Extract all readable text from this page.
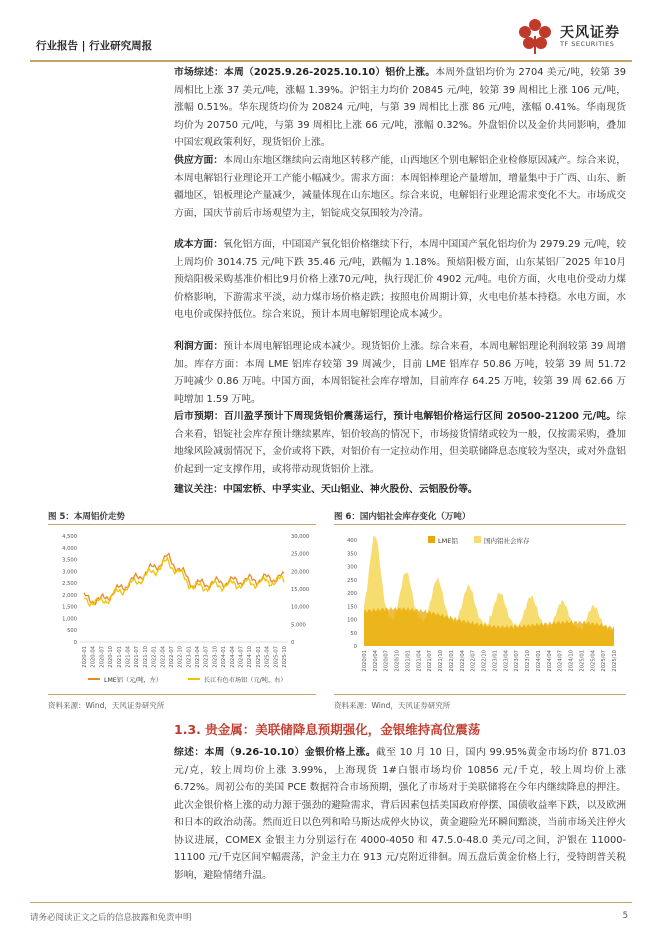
行业报告 | 行业研究周报
天风证券
TF SECURITIES

市场综述：本周（2025.9.26-2025.10.10）铝价上涨。本周外盘铝均价为 2704 美元/吨，较第 39 周相比上涨 37 美元/吨，涨幅 1.39%。沪铝主力均价 20845 元/吨，较第 39 周相比上涨 106 元/吨，涨幅 0.51%。华东现货均价为 20824 元/吨，与第 39 周相比上涨 86 元/吨，涨幅 0.41%。华南现货均价为 20750 元/吨，与第 39 周相比上涨 66 元/吨，涨幅 0.32%。外盘铝价以及金价共同影响，叠加中国宏观政策利好，现货铝价上涨。

供应方面：本周山东地区继续向云南地区转移产能，山西地区个别电解铝企业检修原因减产。综合来说，本周电解铝行业理论开工产能小幅减少。需求方面：本周铝棒理论产量增加，增量集中于广西、山东、新疆地区，铝板理论产量减少，减量体现在山东地区。综合来说，电解铝行业理论需求变化不大。市场成交方面，国庆节前后市场观望为主，铝锭成交氛围较为冷清。

成本方面：氧化铝方面，中国国产氧化铝价格继续下行，本周中国国产氧化铝均价为 2979.29 元/吨，较上周均价 3014.75 元/吨下跌 35.46 元/吨，跌幅为 1.18%。预焙阳极方面，山东某铝厂2025 年10月预焙阳极采购基准价相比9月价格上涨70元/吨，执行现汇价 4902 元/吨。电价方面，火电电价受动力煤价格影响，下游需求平淡，动力煤市场价格走跌；按照电价周期计算，火电电价基本持稳。水电方面，水电电价或保持低位。综合来说，预计本周电解铝理论成本减少。

利润方面：预计本周电解铝理论成本减少。现货铝价上涨。综合来看，本周电解铝理论利润较第 39 周增加。库存方面：本周 LME 铝库存较第 39 周减少，目前 LME 铝库存 50.86 万吨，较第 39 周 51.72 万吨减少 0.86 万吨。中国方面，本周铝锭社会库存增加，目前库存 64.25 万吨，较第 39 周 62.66 万吨增加 1.59 万吨。

后市预期：百川盈孚预计下周现货铝价震荡运行，预计电解铝价格运行区间 20500-21200 元/吨。综合来看，铝锭社会库存预计继续累库，铝价较高的情况下，市场接货情绪或较为一般，仅按需采购，叠加地缘风险减弱情况下，金价或将下跌，对铝价有一定拉动作用，但美联储降息态度较为坚决，或对外盘铝价起到一定支撑作用，或将带动现货铝价上涨。

建议关注：中国宏桥、中孚实业、天山铝业、神火股份、云铝股份等。

图 5：本周铝价走势
4,500
4,000
3,500
3,000
2,500
2,000
1,500
1,000
500
0
30,000
25,000
20,000
15,000
10,000
5,000
0
2020-01 2020-04 2020-07 2020-10 2021-01 2021-04 2021-07 2021-10 2022-01 2022-04 2022-07 2022-10 2023-01 2023-04 2023-07 2023-10 2024-01 2024-04 2024-07 2024-10 2025-01 2025-04 2025-07 2025-10
LME铝（元/吨，左）	长江有色市场铝（元/吨，右）
资料来源：Wind，天风证券研究所
图 6：国内铝社会库存变化（万吨）
400
350
300
250
200
150
100
50
0
2020/01 2020/04 2020/07 2020/10 2021/01 2021/04 2021/07 2021/10 2022/01 2022/04 2022/07 2022/10 2023/01 2023/04 2023/07 2023/10 2024/01 2024/04 2024/07 2024/10 2025/01 2025/04 2025/07 2025/10
LME铝	国内铝社会库存
资料来源：Wind，天风证券研究所
1.3. 贵金属：美联储降息预期强化，金银维持高位震荡

综述：本周（9.26-10.10）金银价格上涨。截至 10 月 10 日，国内 99.95%黄金市场均价 871.03 元/克，较上周均价上涨 3.99%，上海现货 1#白银市场均价 10856 元/千克，较上周均价上涨 6.72%。周初公布的美国 PCE 数据符合市场预期，强化了市场对于美联储将在今年内继续降息的押注。此次金银价格上涨的动力源于强劲的避险需求，背后因素包括美国政府停摆、国债收益率下跌，以及欧洲和日本的政治动荡。然而近日以色列和哈马斯达成停火协议，黄金避险光环瞬间黯淡，当前市场关注停火协议进展，COMEX 金银主力分别运行在 4000-4050 和 47.5.0-48.0 美元/司之间，沪银在 11000-11100 元/千克区间窄幅震荡，沪金主力在 913 元/克附近徘徊。周五盘后黄金价格上行，受特朗普关税影响，避险情绪升温。

请务必阅读正文之后的信息披露和免责申明	5
